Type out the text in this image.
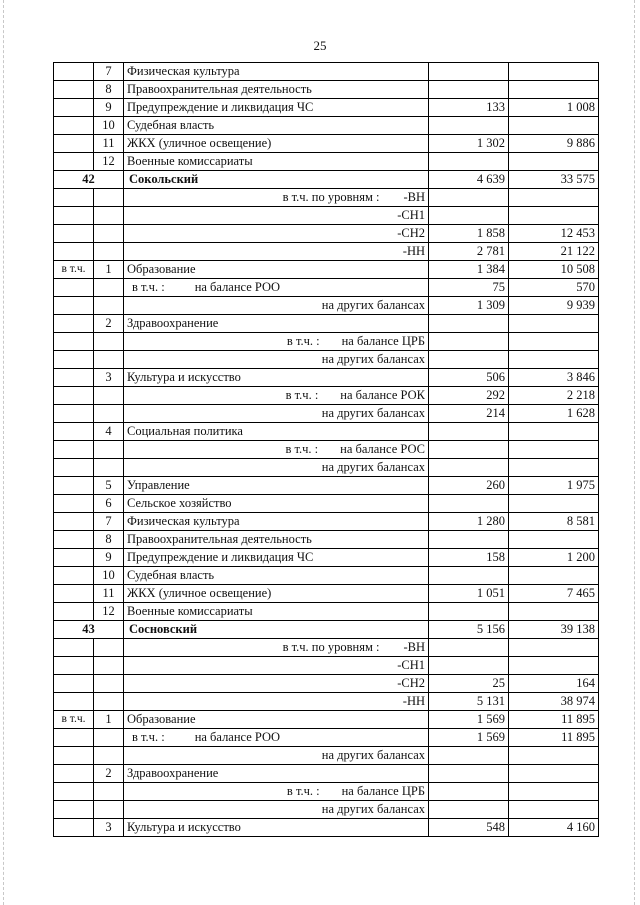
25
	7	Физическая культура		
	8	Правоохранительная деятельность		
	9	Предупреждение и ликвидация ЧС	133	1 008
	10	Судебная власть		
	11	ЖКХ (уличное освещение)	1 302	9 886
	12	Военные комиссариаты		
42		Сокольский	4 639	33 575
		в т.ч. по уровням : -ВН		
		-СН1		
		-СН2	1 858	12 453
		-НН	2 781	21 122
в т.ч.	1	Образование	1 384	10 508
		в т.ч. : на балансе РОО	75	570
		на других балансах	1 309	9 939
	2	Здравоохранение		
		в т.ч. : на балансе ЦРБ		
		на других балансах		
	3	Культура и искусство	506	3 846
		в т.ч. : на балансе РОК	292	2 218
		на других балансах	214	1 628
	4	Социальная политика		
		в т.ч. : на балансе РОС		
		на других балансах		
	5	Управление	260	1 975
	6	Сельское хозяйство		
	7	Физическая культура	1 280	8 581
	8	Правоохранительная деятельность		
	9	Предупреждение и ликвидация ЧС	158	1 200
	10	Судебная власть		
	11	ЖКХ (уличное освещение)	1 051	7 465
	12	Военные комиссариаты		
43		Сосновский	5 156	39 138
		в т.ч. по уровням : -ВН		
		-СН1		
		-СН2	25	164
		-НН	5 131	38 974
в т.ч.	1	Образование	1 569	11 895
		в т.ч. : на балансе РОО	1 569	11 895
		на других балансах		
	2	Здравоохранение		
		в т.ч. : на балансе ЦРБ		
		на других балансах		
	3	Культура и искусство	548	4 160
